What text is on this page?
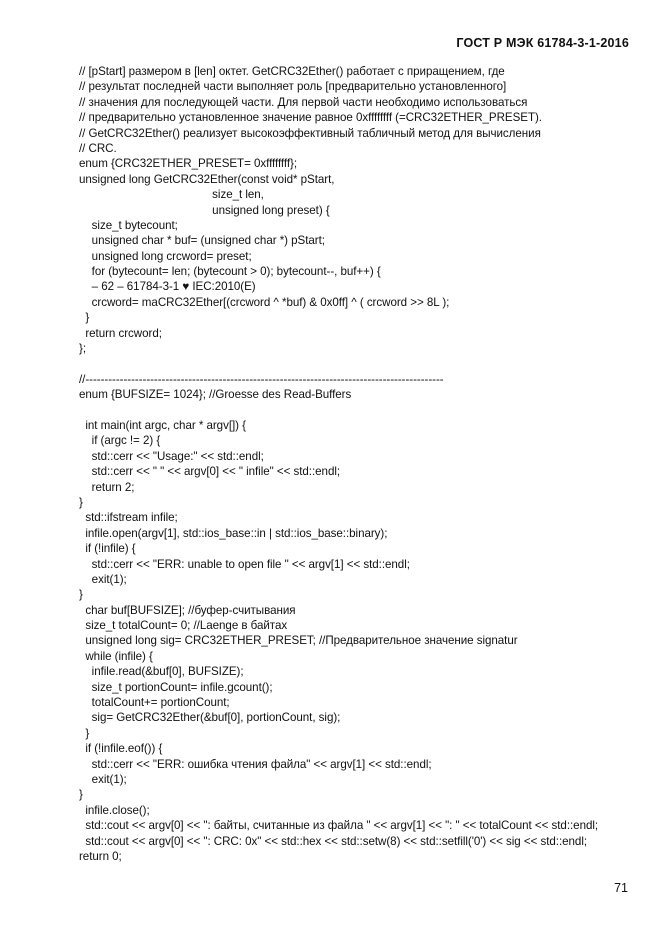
ГОСТ Р МЭК 61784-3-1-2016
// [pStart] размером в [len] октет. GetCRC32Ether() работает с приращением, где
// результат последней части выполняет роль [предварительно установленного]
// значения для последующей части. Для первой части необходимо использоваться
// предварительно установленное значение равное 0xffffffff (=CRC32ETHER_PRESET).
// GetCRC32Ether() реализует высокоэффективный табличный метод для вычисления
// CRC.
enum {CRC32ETHER_PRESET= 0xffffffff};
unsigned long GetCRC32Ether(const void* pStart,
size_t len,
unsigned long preset) {
size_t bytecount;
unsigned char * buf= (unsigned char *) pStart;
unsigned long crcword= preset;
for (bytecount= len; (bytecount > 0); bytecount--, buf++) {
– 62 – 61784-3-1 ♥ IEC:2010(E)
crcword= maCRC32Ether[(crcword ^ *buf) & 0x0ff] ^ ( crcword >> 8L );
}
return crcword;
};
//----------------------------------------------------------------------------------------------
enum {BUFSIZE= 1024}; //Groesse des Read-Buffers
int main(int argc, char * argv[]) {
if (argc != 2) {
std::cerr << "Usage:" << std::endl;
std::cerr << " " << argv[0] << " infile" << std::endl;
return 2;
}
std::ifstream infile;
infile.open(argv[1], std::ios_base::in | std::ios_base::binary);
if (!infile) {
std::cerr << "ERR: unable to open file " << argv[1] << std::endl;
exit(1);
}
char buf[BUFSIZE]; //буфер-считывания
size_t totalCount= 0; //Laenge в байтах
unsigned long sig= CRC32ETHER_PRESET; //Предварительное значение signatur
while (infile) {
infile.read(&buf[0], BUFSIZE);
size_t portionCount= infile.gcount();
totalCount+= portionCount;
sig= GetCRC32Ether(&buf[0], portionCount, sig);
}
if (!infile.eof()) {
std::cerr << "ERR: ошибка чтения файла" << argv[1] << std::endl;
exit(1);
}
infile.close();
std::cout << argv[0] << ": байты, считанные из файла " << argv[1] << ": " << totalCount << std::endl;
std::cout << argv[0] << ": CRC: 0x" << std::hex << std::setw(8) << std::setfill('0') << sig << std::endl;
return 0;
71
